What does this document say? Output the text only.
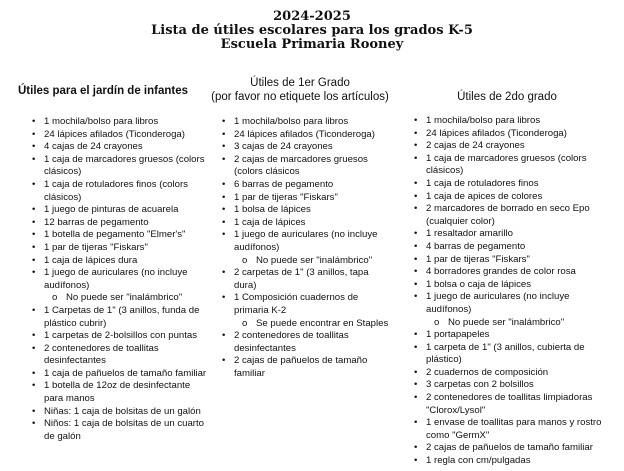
2024-2025
Lista de útiles escolares para los grados K-5
Escuela Primaria Rooney
Útiles para el jardín de infantes
• 1 mochila/bolso para libros
• 24 lápices afilados (Ticonderoga)
• 4 cajas de 24 crayones
• 1 caja de marcadores gruesos (colors clásicos)
• 1 caja de rotuladores finos (colors clásicos)
• 1 juego de pinturas de acuarela
• 12 barras de pegamento
• 1 botella de pegamento "Elmer's"
• 1 par de tijeras "Fiskars"
• 1 caja de lápices dura
• 1 juego de auriculares (no incluye audífonos)
o No puede ser "inalámbrico"
• 1 Carpetas de 1" (3 anillos, funda de plástico cubrir)
• 1 carpetas de 2-bolsillos con puntas
• 2 contenedores de toallitas desinfectantes
• 1 caja de pañuelos de tamaño familiar
• 1 botella de 12oz de desinfectante para manos
• Niñas: 1 caja de bolsitas de un galón
• Niños: 1 caja de bolsitas de un cuarto de galón
Útiles de 1er Grado
(por favor no etiquete los artículos)
• 1 mochila/bolso para libros
• 24 lápices afilados (Ticonderoga)
• 3 cajas de 24 crayones
• 2 cajas de marcadores gruesos (colors clásicos
• 6 barras de pegamento
• 1 par de tijeras "Fiskars"
• 1 bolsa de lápices
• 1 caja de lápices
• 1 juego de auriculares (no incluye audífonos)
o No puede ser "inalámbrico"
• 2 carpetas de 1" (3 anillos, tapa dura)
• 1 Composición cuadernos de primaria K-2
o Se puede encontrar en Staples
• 2 contenedores de toallitas desinfectantes
• 2 cajas de pañuelos de tamaño familiar
Útiles de 2do grado
• 1 mochila/bolso para libros
• 24 lápices afilados (Ticonderoga)
• 2 cajas de 24 crayones
• 1 caja de marcadores gruesos (colors clásicos)
• 1 caja de rotuladores finos
• 1 caja de apices de colores
• 2 marcadores de borrado en seco Epo (cualquier color)
• 1 resaltador amarillo
• 4 barras de pegamento
• 1 par de tijeras "Fiskars"
• 4 borradores grandes de color rosa
• 1 bolsa o caja de lápices
• 1 juego de auriculares (no incluye audífonos)
o No puede ser "inalámbrico"
• 1 portapapeles
• 1 carpeta de 1" (3 anillos, cubierta de plástico)
• 2 cuadernos de composición
• 3 carpetas con 2 bolsillos
• 2 contenedores de toallitas limpiadoras "Clorox/Lysol"
• 1 envase de toallitas para manos y rostro como "GermX"
• 2 cajas de pañuelos de tamaño familiar
• 1 regla con cm/pulgadas
